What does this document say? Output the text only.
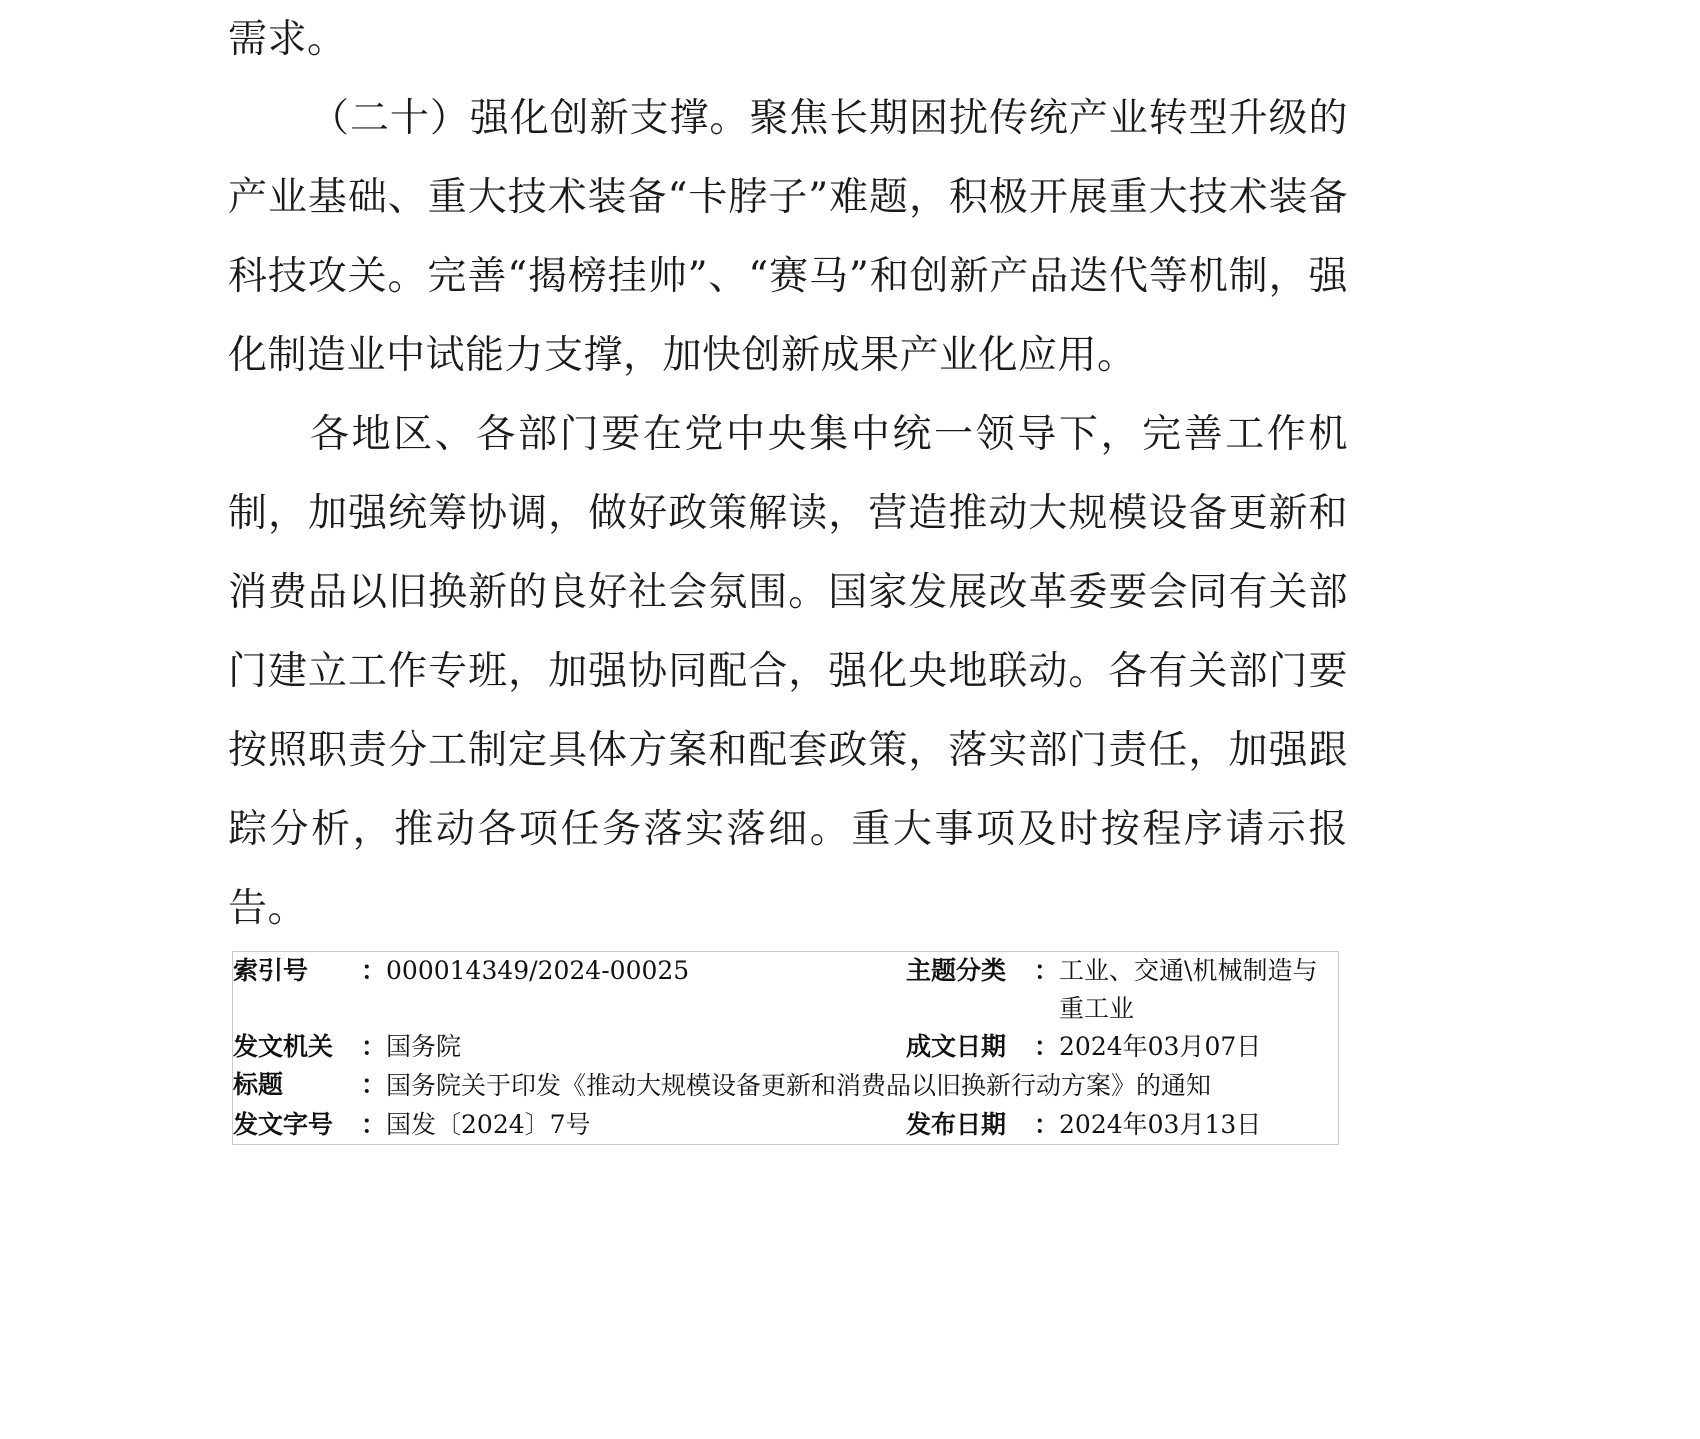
需求。

（二十）强化创新支撑。聚焦长期困扰传统产业转型升级的产业基础、重大技术装备“卡脖子”难题，积极开展重大技术装备科技攻关。完善“揭榜挂帅”、“赛马”和创新产品迭代等机制，强化制造业中试能力支撑，加快创新成果产业化应用。

各地区、各部门要在党中央集中统一领导下，完善工作机制，加强统筹协调，做好政策解读，营造推动大规模设备更新和消费品以旧换新的良好社会氛围。国家发展改革委要会同有关部门建立工作专班，加强协同配合，强化央地联动。各有关部门要按照职责分工制定具体方案和配套政策，落实部门责任，加强跟踪分析，推动各项任务落实落细。重大事项及时按程序请示报告。

索引号 ：	000014349/2024-00025	主题分类 ：	工业、交通\机械制造与重工业
发文机关 ：	国务院	成文日期 ：	2024年03月07日
标题 ：	国务院关于印发《推动大规模设备更新和消费品以旧换新行动方案》的通知		
发文字号 ：	国发〔2024〕7号	发布日期 ：	2024年03月13日
